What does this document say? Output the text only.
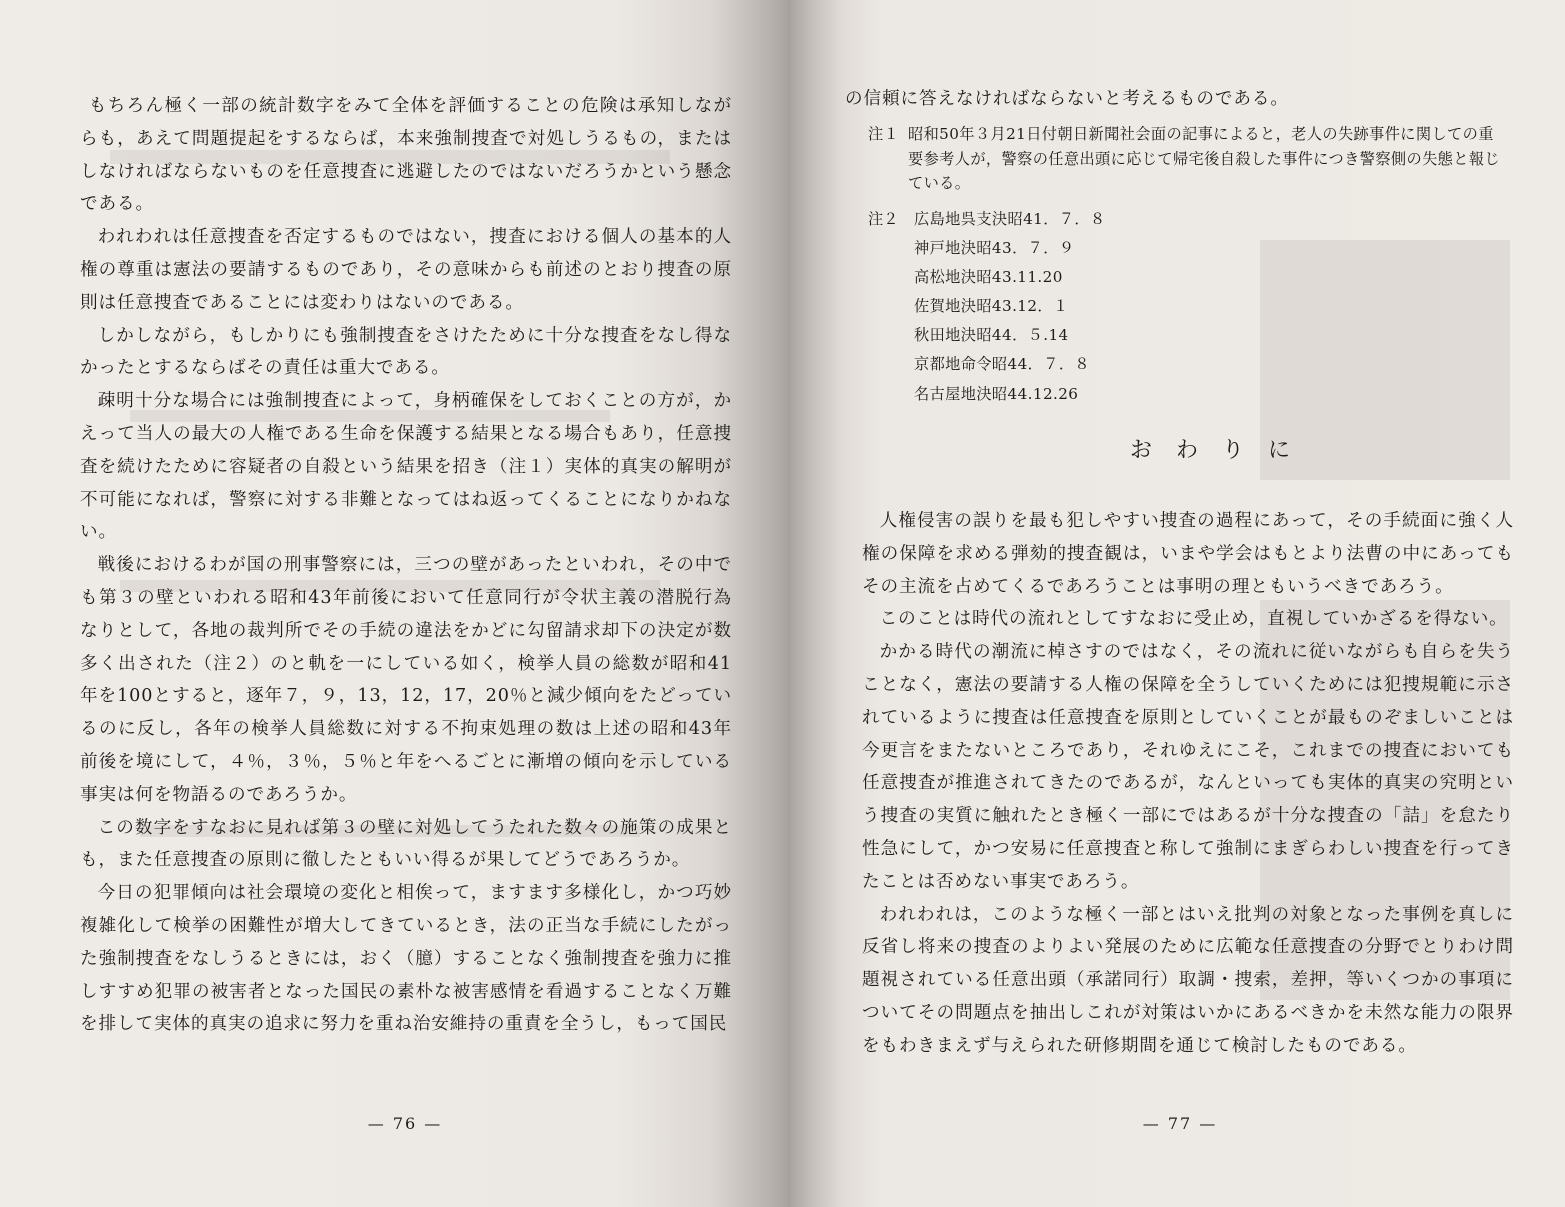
もちろん極く一部の統計数字をみて全体を評価することの危険は承知しながらも，あえて問題提起をするならば，本来強制捜査で対処しうるもの，またはしなければならないものを任意捜査に逃避したのではないだろうかという懸念である。

われわれは任意捜査を否定するものではない，捜査における個人の基本的人権の尊重は憲法の要請するものであり，その意味からも前述のとおり捜査の原則は任意捜査であることには変わりはないのである。

しかしながら，もしかりにも強制捜査をさけたために十分な捜査をなし得なかったとするならばその責任は重大である。

疎明十分な場合には強制捜査によって，身柄確保をしておくことの方が，かえって当人の最大の人権である生命を保護する結果となる場合もあり，任意捜査を続けたために容疑者の自殺という結果を招き（注１）実体的真実の解明が不可能になれば，警察に対する非難となってはね返ってくることになりかねない。

戦後におけるわが国の刑事警察には，三つの壁があったといわれ，その中でも第３の壁といわれる昭和43年前後において任意同行が令状主義の潜脱行為なりとして，各地の裁判所でその手続の違法をかどに勾留請求却下の決定が数多く出された（注２）のと軌を一にしている如く，検挙人員の総数が昭和41年を100とすると，逐年７，９，13，12，17，20％と減少傾向をたどっているのに反し，各年の検挙人員総数に対する不拘束処理の数は上述の昭和43年前後を境にして，４％，３％，５％と年をへるごとに漸増の傾向を示している事実は何を物語るのであろうか。

この数字をすなおに見れば第３の壁に対処してうたれた数々の施策の成果とも，また任意捜査の原則に徹したともいい得るが果してどうであろうか。

今日の犯罪傾向は社会環境の変化と相俟って，ますます多様化し，かつ巧妙複雑化して検挙の困難性が増大してきているとき，法の正当な手続にしたがった強制捜査をなしうるときには，おく（臆）することなく強制捜査を強力に推しすすめ犯罪の被害者となった国民の素朴な被害感情を看過することなく万難を排して実体的真実の追求に努力を重ね治安維持の重責を全うし，もって国民

— 76 —
の信頼に答えなければならないと考えるものである。
注１ 昭和50年３月21日付朝日新聞社会面の記事によると，老人の失跡事件に関しての重要参考人が，警察の任意出頭に応じて帰宅後自殺した事件につき警察側の失態と報じている。
注２ 広島地呉支決昭41．７．８
神戸地決昭43．７．９
高松地決昭43.11.20
佐賀地決昭43.12．１
秋田地決昭44．５.14
京都地命令昭44．７．８
名古屋地決昭44.12.26
おわりに

人権侵害の誤りを最も犯しやすい捜査の過程にあって，その手続面に強く人権の保障を求める弾劾的捜査観は，いまや学会はもとより法曹の中にあってもその主流を占めてくるであろうことは事明の理ともいうべきであろう。

このことは時代の流れとしてすなおに受止め，直視していかざるを得ない。

かかる時代の潮流に棹さすのではなく，その流れに従いながらも自らを失うことなく，憲法の要請する人権の保障を全うしていくためには犯捜規範に示されているように捜査は任意捜査を原則としていくことが最ものぞましいことは今更言をまたないところであり，それゆえにこそ，これまでの捜査においても任意捜査が推進されてきたのであるが，なんといっても実体的真実の究明という捜査の実質に触れたとき極く一部にではあるが十分な捜査の「詰」を怠たり性急にして，かつ安易に任意捜査と称して強制にまぎらわしい捜査を行ってきたことは否めない事実であろう。

われわれは，このような極く一部とはいえ批判の対象となった事例を真しに反省し将来の捜査のよりよい発展のために広範な任意捜査の分野でとりわけ問題視されている任意出頭（承諾同行）取調・捜索，差押，等いくつかの事項についてその問題点を抽出しこれが対策はいかにあるべきかを未然な能力の限界をもわきまえず与えられた研修期間を通じて検討したものである。

— 77 —
